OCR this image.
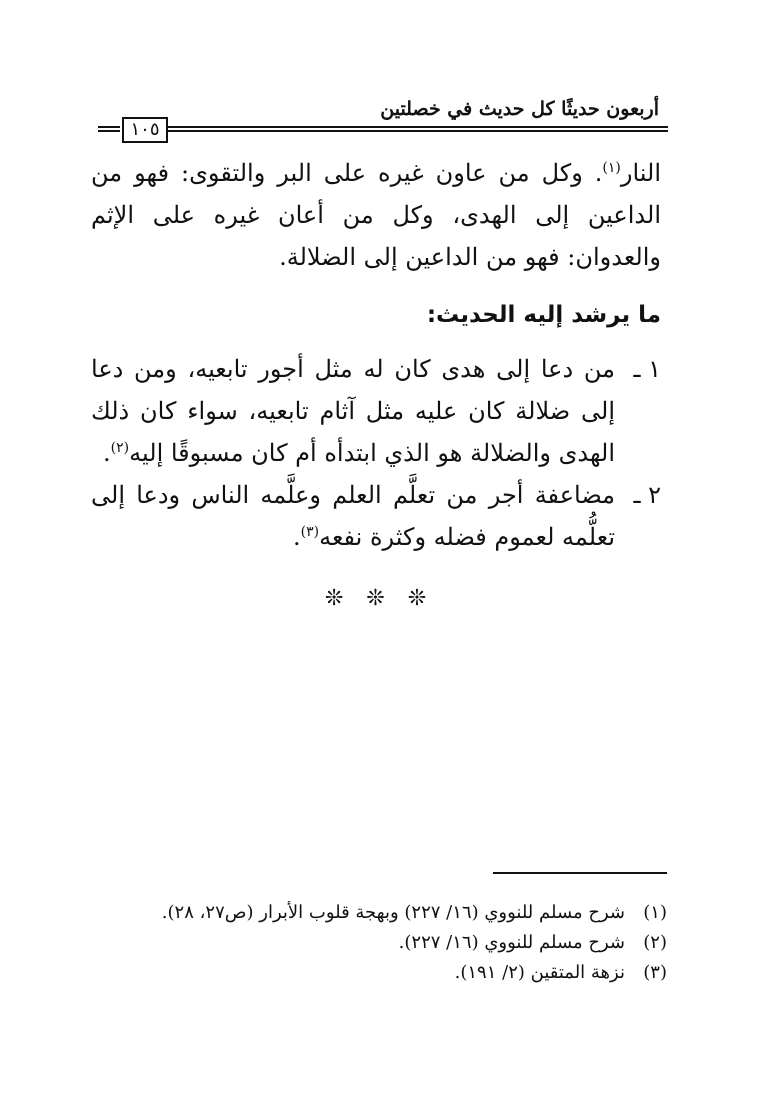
أربعون حديثًا كل حديث في خصلتين
١٠٥

النار$^{(١)}$. وكل من عاون غيره على البر والتقوى: فهو من الداعين إلى الهدى، وكل من أعان غيره على الإثم والعدوان: فهو من الداعين إلى الضلالة.

ما يرشد إليه الحديث:
١ ـ
من دعا إلى هدى كان له مثل أجور تابعيه، ومن دعا إلى ضلالة كان عليه مثل آثام تابعيه، سواء كان ذلك الهدى والضلالة هو الذي ابتدأه أم كان مسبوقًا إليه$^{(٢)}$.
٢ ـ
مضاعفة أجر من تعلَّم العلم وعلَّمه الناس ودعا إلى تعلُّمه لعموم فضله وكثرة نفعه$^{(٣)}$.
❊ ❊ ❊
(١)
شرح مسلم للنووي (١٦/ ٢٢٧) وبهجة قلوب الأبرار (ص٢٧، ٢٨).
(٢)
شرح مسلم للنووي (١٦/ ٢٢٧).
(٣)
نزهة المتقين (٢/ ١٩١).
